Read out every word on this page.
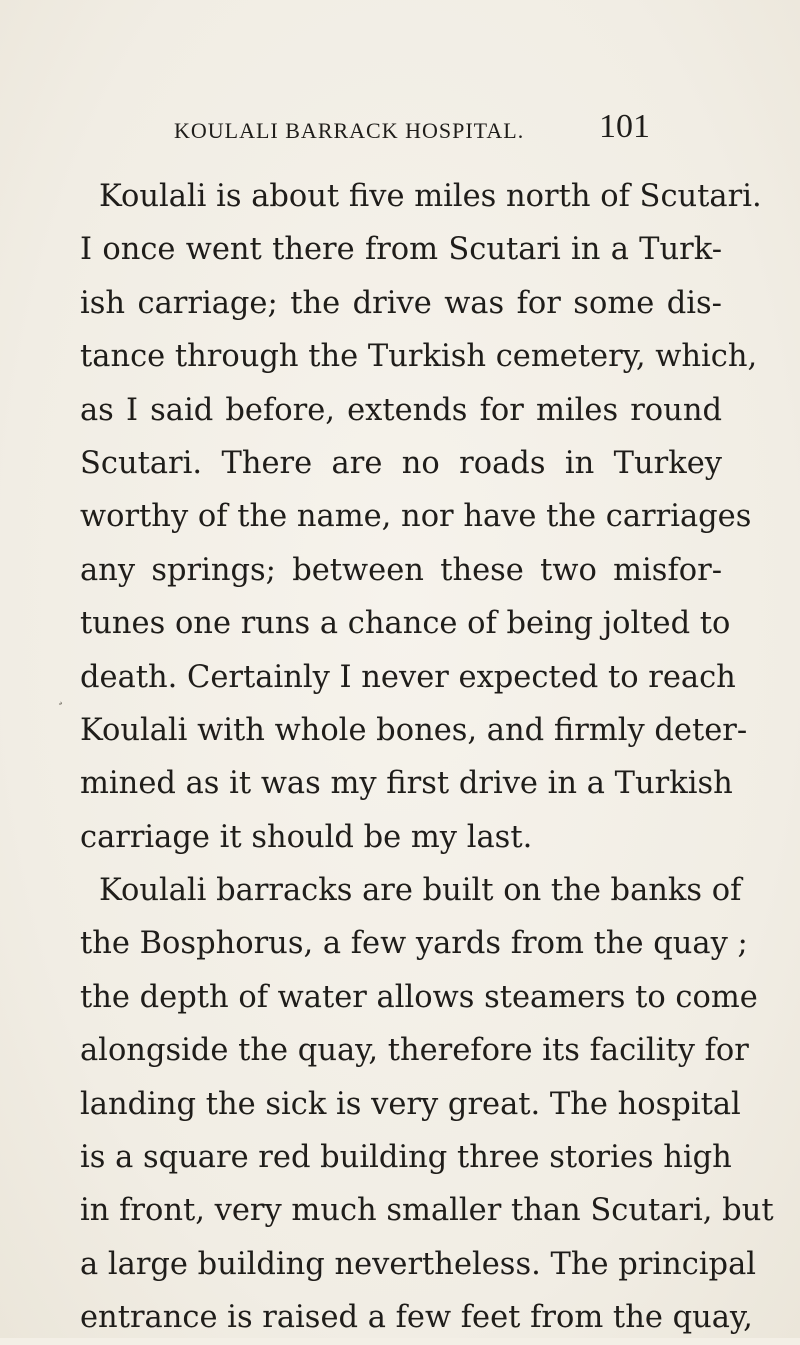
KOULALI BARRACK HOSPITAL. 101
¸
Koulali is about five miles north of Scutari.
I once went there from Scutari in a Turk-
ish carriage; the drive was for some dis-
tance through the Turkish cemetery, which,
as I said before, extends for miles round
Scutari. There are no roads in Turkey
worthy of the name, nor have the carriages
any springs; between these two misfor-
tunes one runs a chance of being jolted to
death. Certainly I never expected to reach
Koulali with whole bones, and firmly deter-
mined as it was my first drive in a Turkish
carriage it should be my last.
Koulali barracks are built on the banks of
the Bosphorus, a few yards from the quay ;
the depth of water allows steamers to come
alongside the quay, therefore its facility for
landing the sick is very great. The hospital
is a square red building three stories high
in front, very much smaller than Scutari, but
a large building nevertheless. The principal
entrance is raised a few feet from the quay,
